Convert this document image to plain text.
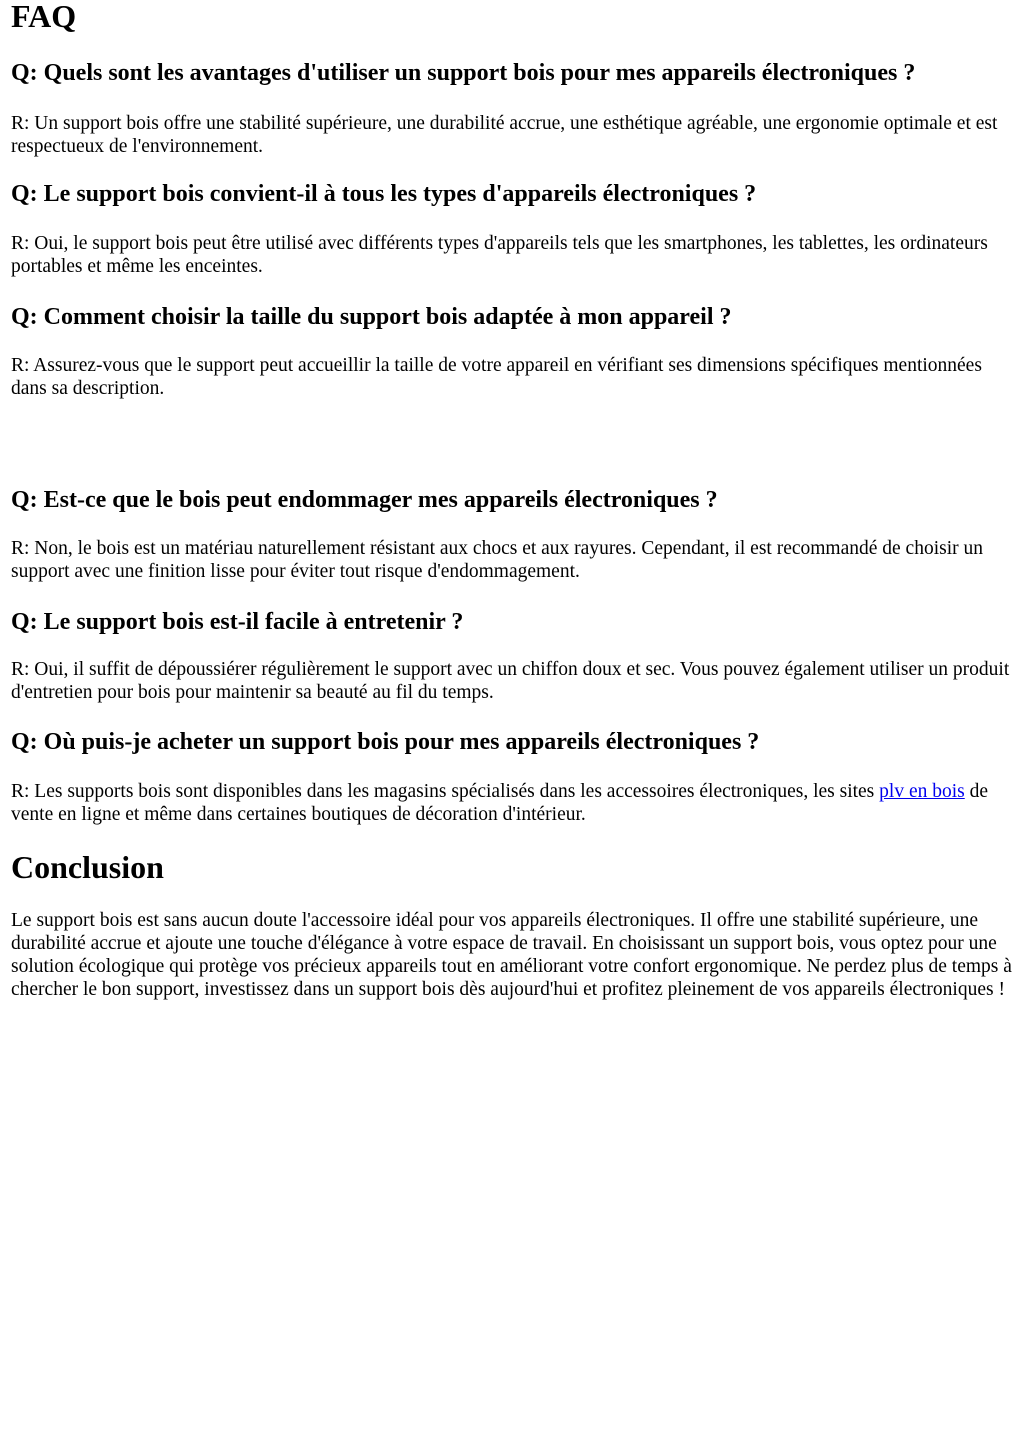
FAQ
Q: Quels sont les avantages d'utiliser un support bois pour mes appareils électroniques ?

R: Un support bois offre une stabilité supérieure, une durabilité accrue, une esthétique agréable, une ergonomie optimale et est respectueux de l'environnement.

Q: Le support bois convient-il à tous les types d'appareils électroniques ?

R: Oui, le support bois peut être utilisé avec différents types d'appareils tels que les smartphones, les tablettes, les ordinateurs portables et même les enceintes.

Q: Comment choisir la taille du support bois adaptée à mon appareil ?

R: Assurez-vous que le support peut accueillir la taille de votre appareil en vérifiant ses dimensions spécifiques mentionnées dans sa description.

Q: Est-ce que le bois peut endommager mes appareils électroniques ?

R: Non, le bois est un matériau naturellement résistant aux chocs et aux rayures. Cependant, il est recommandé de choisir un support avec une finition lisse pour éviter tout risque d'endommagement.

Q: Le support bois est-il facile à entretenir ?

R: Oui, il suffit de dépoussiérer régulièrement le support avec un chiffon doux et sec. Vous pouvez également utiliser un produit d'entretien pour bois pour maintenir sa beauté au fil du temps.

Q: Où puis-je acheter un support bois pour mes appareils électroniques ?

R: Les supports bois sont disponibles dans les magasins spécialisés dans les accessoires électroniques, les sites plv en bois de vente en ligne et même dans certaines boutiques de décoration d'intérieur.

Conclusion

Le support bois est sans aucun doute l'accessoire idéal pour vos appareils électroniques. Il offre une stabilité supérieure, une durabilité accrue et ajoute une touche d'élégance à votre espace de travail. En choisissant un support bois, vous optez pour une solution écologique qui protège vos précieux appareils tout en améliorant votre confort ergonomique. Ne perdez plus de temps à chercher le bon support, investissez dans un support bois dès aujourd'hui et profitez pleinement de vos appareils électroniques !
